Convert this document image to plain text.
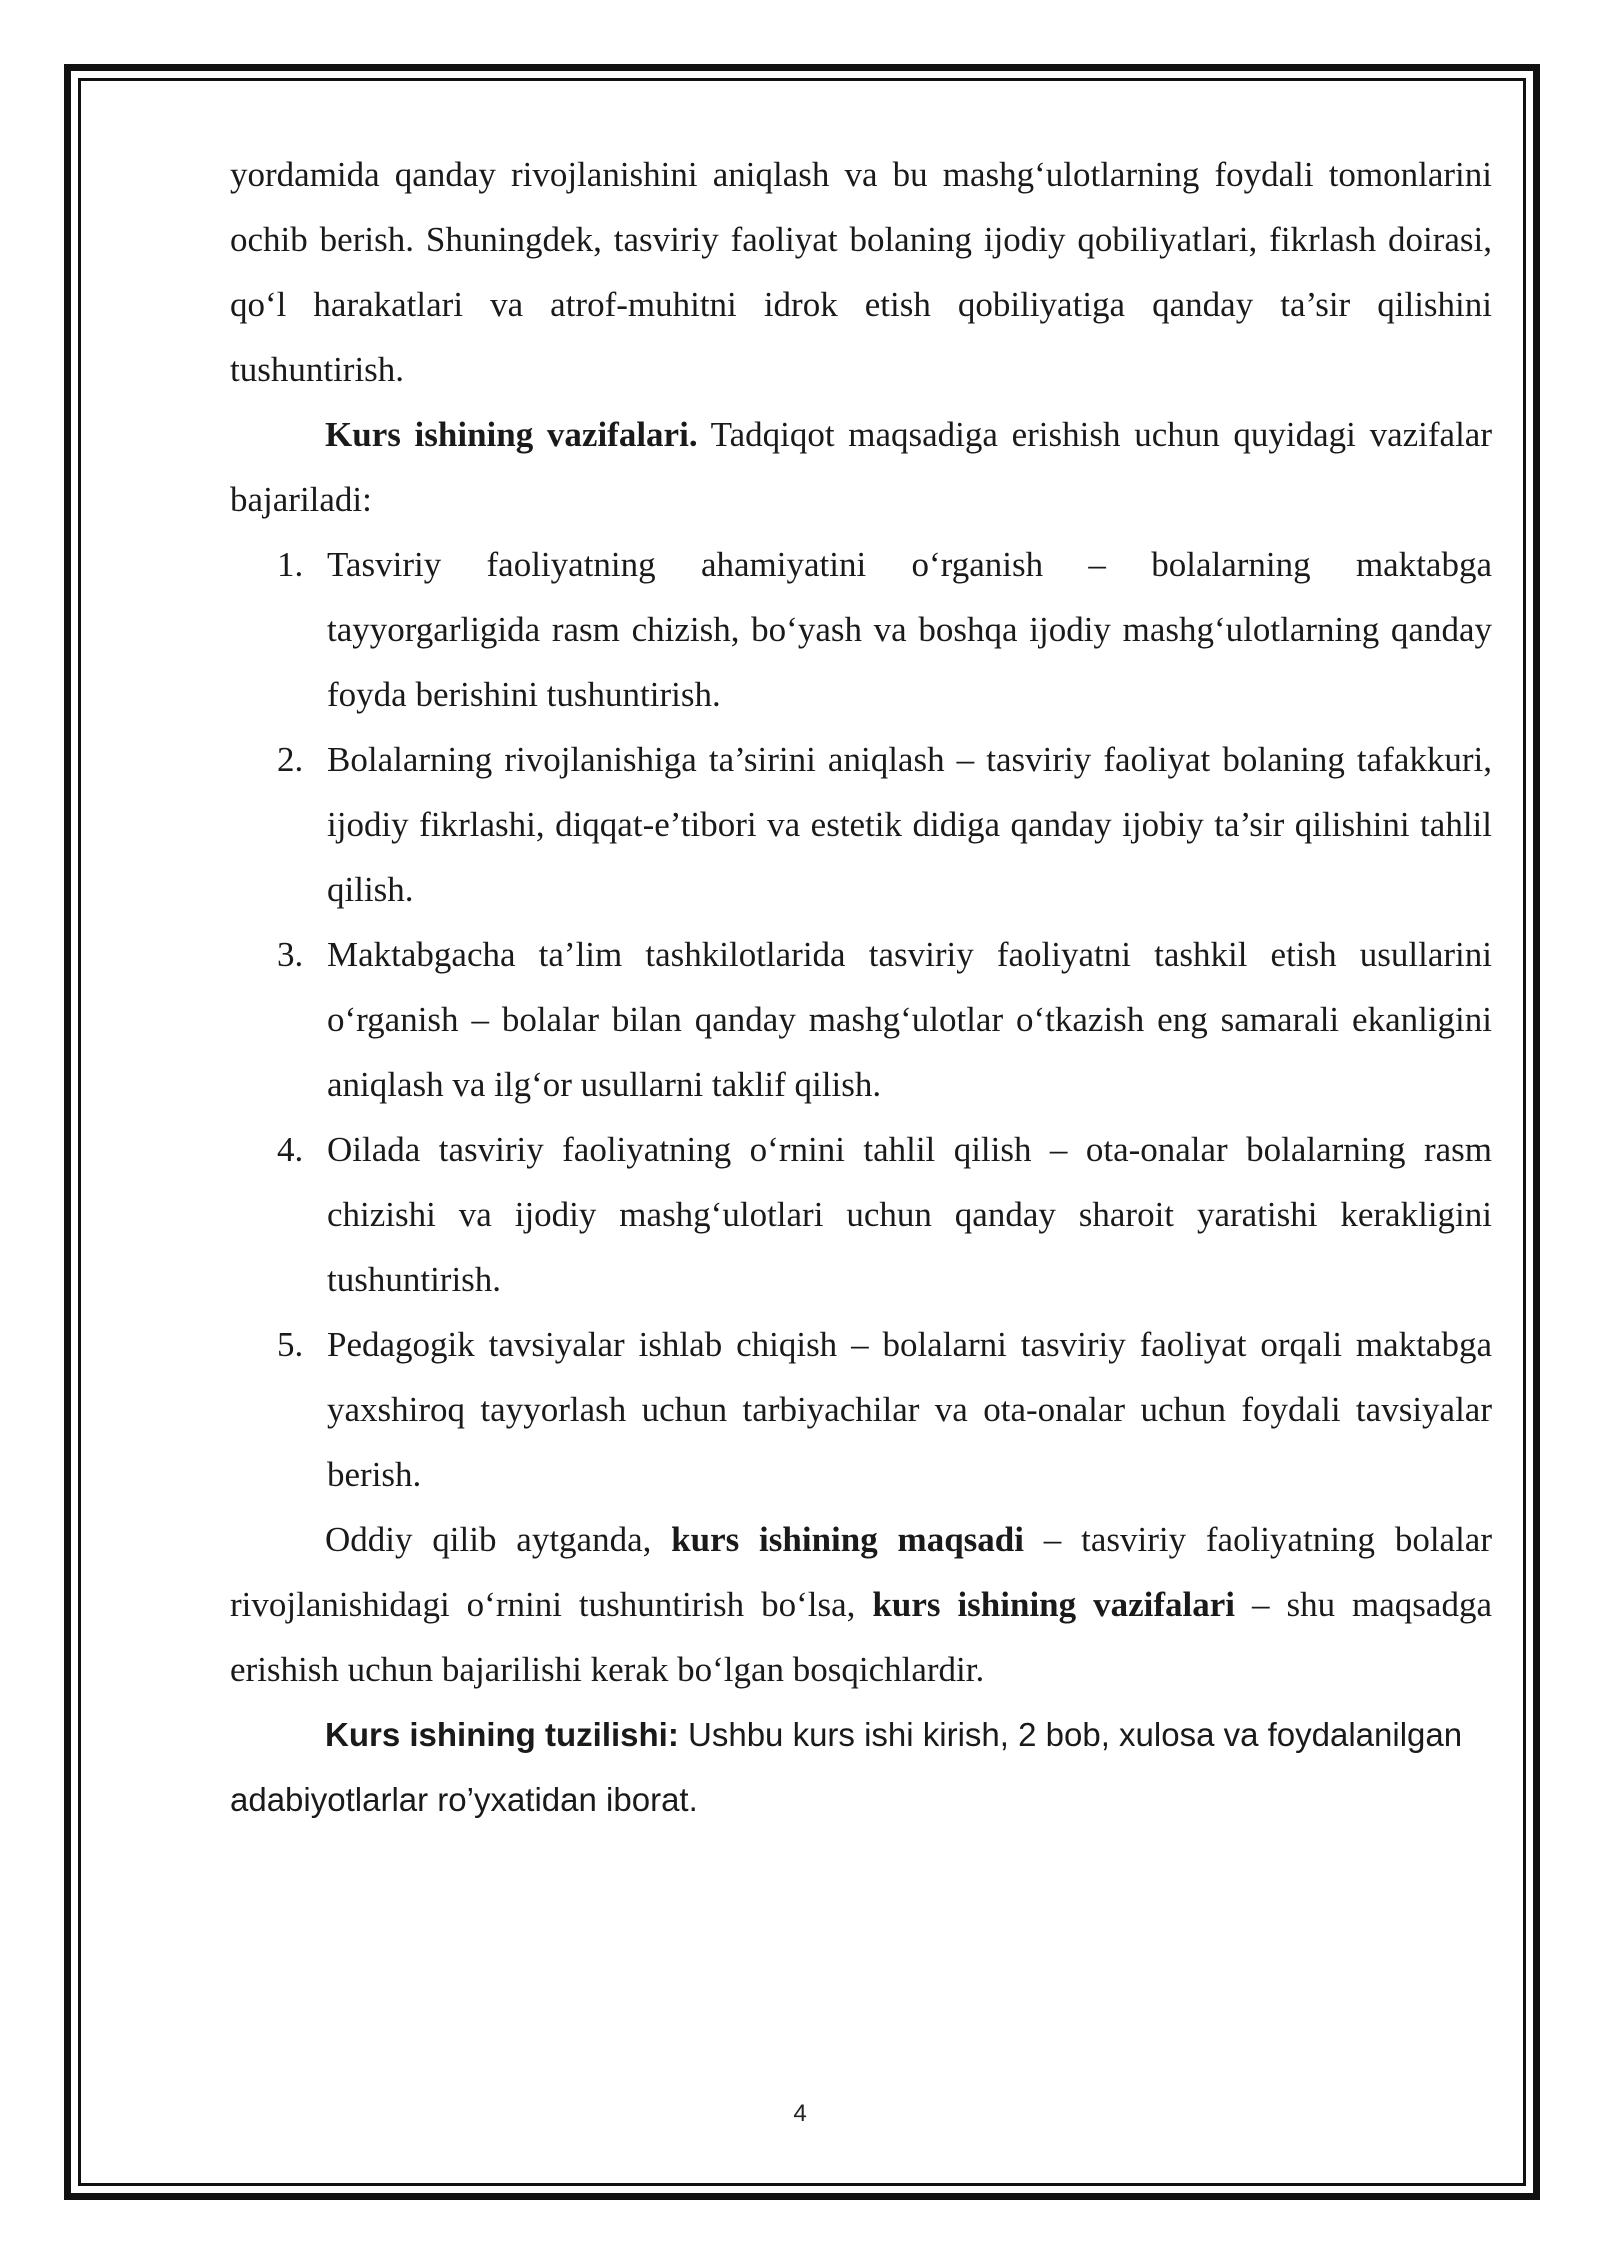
yordamida qanday rivojlanishini aniqlash va bu mashg‘ulotlarning foydali tomonlarini ochib berish. Shuningdek, tasviriy faoliyat bolaning ijodiy qobiliyatlari, fikrlash doirasi, qo‘l harakatlari va atrof-muhitni idrok etish qobiliyatiga qanday ta’sir qilishini tushuntirish.

Kurs ishining vazifalari. Tadqiqot maqsadiga erishish uchun quyidagi vazifalar bajariladi:

1. Tasviriy faoliyatning ahamiyatini o‘rganish – bolalarning maktabga tayyorgarligida rasm chizish, bo‘yash va boshqa ijodiy mashg‘ulotlarning qanday foyda berishini tushuntirish.
2. Bolalarning rivojlanishiga ta’sirini aniqlash – tasviriy faoliyat bolaning tafakkuri, ijodiy fikrlashi, diqqat-e’tibori va estetik didiga qanday ijobiy ta’sir qilishini tahlil qilish.
3. Maktabgacha ta’lim tashkilotlarida tasviriy faoliyatni tashkil etish usullarini o‘rganish – bolalar bilan qanday mashg‘ulotlar o‘tkazish eng samarali ekanligini aniqlash va ilg‘or usullarni taklif qilish.
4. Oilada tasviriy faoliyatning o‘rnini tahlil qilish – ota-onalar bolalarning rasm chizishi va ijodiy mashg‘ulotlari uchun qanday sharoit yaratishi kerakligini tushuntirish.
5. Pedagogik tavsiyalar ishlab chiqish – bolalarni tasviriy faoliyat orqali maktabga yaxshiroq tayyorlash uchun tarbiyachilar va ota-onalar uchun foydali tavsiyalar berish.

Oddiy qilib aytganda, kurs ishining maqsadi – tasviriy faoliyatning bolalar rivojlanishidagi o‘rnini tushuntirish bo‘lsa, kurs ishining vazifalari – shu maqsadga erishish uchun bajarilishi kerak bo‘lgan bosqichlardir.

Kurs ishining tuzilishi: Ushbu kurs ishi kirish, 2 bob, xulosa va foydalanilgan adabiyotlarlar ro’yxatidan iborat.

4
